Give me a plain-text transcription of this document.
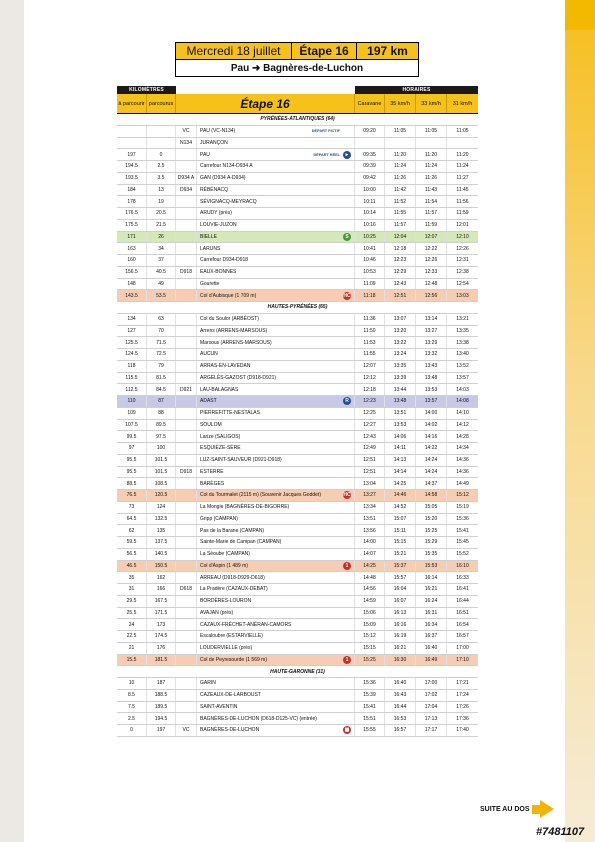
Mercredi 18 juillet	Étape 16	197 km
Pau ➜ Bagnères-de-Luchon
KILOMÈTRES	HORAIRES
à parcourir parcourus	Étape 16	Caravane	35 km/h	33 km/h	31 km/h
PYRÉNÉES-ATLANTIQUES (64)
VC	PAU (VC-N134)	DÉPART FICTIF	09:20	11:05	11:05	11:05
N134	JURANÇON
197	0	PAU	DÉPART RÉEL ►	09:35	11:20	11:20	11:20
194.5	2.5	Carrefour N134-D934 A	09:39	11:24	11:24	11:24
193.5	3.5	D934 A	GAN (D934 A-D934)	09:42	11:26	11:26	11:27
184	13	D934	RÉBÉNACQ	10:00	11:42	11:43	11:45
178	19	SÉVIGNACQ-MEYRACQ	10:11	11:52	11:54	11:56
176.5	20.5	ARUDY (près)	10:14	11:55	11:57	11:59
175.5	21.5	LOUVIE-JUZON	10:16	11:57	11:59	12:01
171	26	BIELLE	S	10:25	12:04	12:07	12:10
163	34	LARUNS	10:41	12:18	12:22	12:26
160	37	Carrefour D934-D918	10:46	12:23	12:26	12:31
156.5	40.5	D918	EAUX-BONNES	10:53	12:29	12:33	12:38
148	49	Gourette	11:09	12:43	12:48	12:54
143.5	53.5	Col d'Aubisque (1 709 m)	HC	11:18	12:51	12:56	13:03
HAUTES-PYRÉNÉES (65)
134	63	Col du Soulor (ARBÉOST)	11:36	13:07	13:14	13:21
127	70	Arrens (ARRENS-MARSOUS)	11:50	13:20	13:27	13:35
125.5	71.5	Marsous (ARRENS-MARSOUS)	11:53	13:22	13:29	13:38
124.5	72.5	AUCUN	11:55	13:24	13:32	13:40
118	79	ARRAS-EN-LAVEDAN	12:07	13:35	13:43	13:52
115.5	81.5	ARGELÈS-GAZOST (D918-D921)	12:12	13:39	13:48	13:57
112.5	84.5	D921	LAU-BALAGNAS	12:18	13:44	13:53	14:03
110	87	ADAST	R	12:23	13:48	13:57	14:08
109	88	PIERREFITTE-NESTALAS	12:25	13:51	14:00	14:10
107.5	89.5	SOULOM	12:27	13:53	14:02	14:12
99.5	97.5	Larize (SALIGOS)	12:43	14:06	14:16	14:28
97	100	ESQUIÈZE-SÈRE	12:49	14:11	14:22	14:34
95.5	101.5	LUZ-SAINT-SAUVEUR (D921-D918)	12:51	14:13	14:24	14:36
95.5	101.5	D918	ESTERRE	12:51	14:14	14:24	14:36
88.5	108.5	BARÈGES	13:04	14:25	14:37	14:49
76.5	120.5	Col du Tourmalet (2115 m) (Souvenir Jacques Goddet)	HC	13:27	14:46	14:58	15:12
73	124	La Mongie (BAGNÈRES-DE-BIGORRE)	13:34	14:52	15:05	15:19
64.5	132.5	Gripp (CAMPAN)	13:51	15:07	15:20	15:36
62	135	Pas de la Barane (CAMPAN)	13:56	15:11	15:25	15:41
59.5	137.5	Sainte-Marie de Campan (CAMPAN)	14:00	15:15	15:29	15:45
56.5	140.5	La Séoube (CAMPAN)	14:07	15:21	15:35	15:52
46.5	150.5	Col d'Aspin (1 489 m)	1	14:25	15:37	15:53	16:10
35	162	ARREAU (D918-D929-D618)	14:48	15:57	16:14	16:33
31	166	D618	La Pradère (CAZAUX-DEBAT)	14:56	16:04	16:21	16:41
29.5	167.5	BORDÈRES-LOURON	14:59	16:07	16:24	16:44
25.5	171.5	AVAJAN (près)	15:06	16:13	16:31	16:51
24	173	CAZAUX-FRÉCHET-ANÉRAN-CAMORS	15:09	16:16	16:34	16:54
22.5	174.5	Escaloubre (ESTARVIELLE)	15:12	16:19	16:37	16:57
21	176	LOUDERVIELLE (près)	15:15	16:21	16:40	17:00
15.5	181.5	Col de Peyresourde (1 569 m)	1	15:25	16:30	16:49	17:10
HAUTE-GARONNE (31)
10	187	GARIN	15:36	16:40	17:00	17:21
8.5	188.5	CAZEAUX-DE-LARBOUST	15:39	16:43	17:02	17:24
7.5	189.5	SAINT-AVENTIN	15:41	16:44	17:04	17:26
2.5	194.5	BAGNÈRES-DE-LUCHON (D618-D125-VC) (entrée)	15:51	16:53	17:13	17:36
0	197	VC	BAGNÈRES-DE-LUCHON	▦	15:55	16:57	17:17	17:40
SUITE AU DOS
#7481107
